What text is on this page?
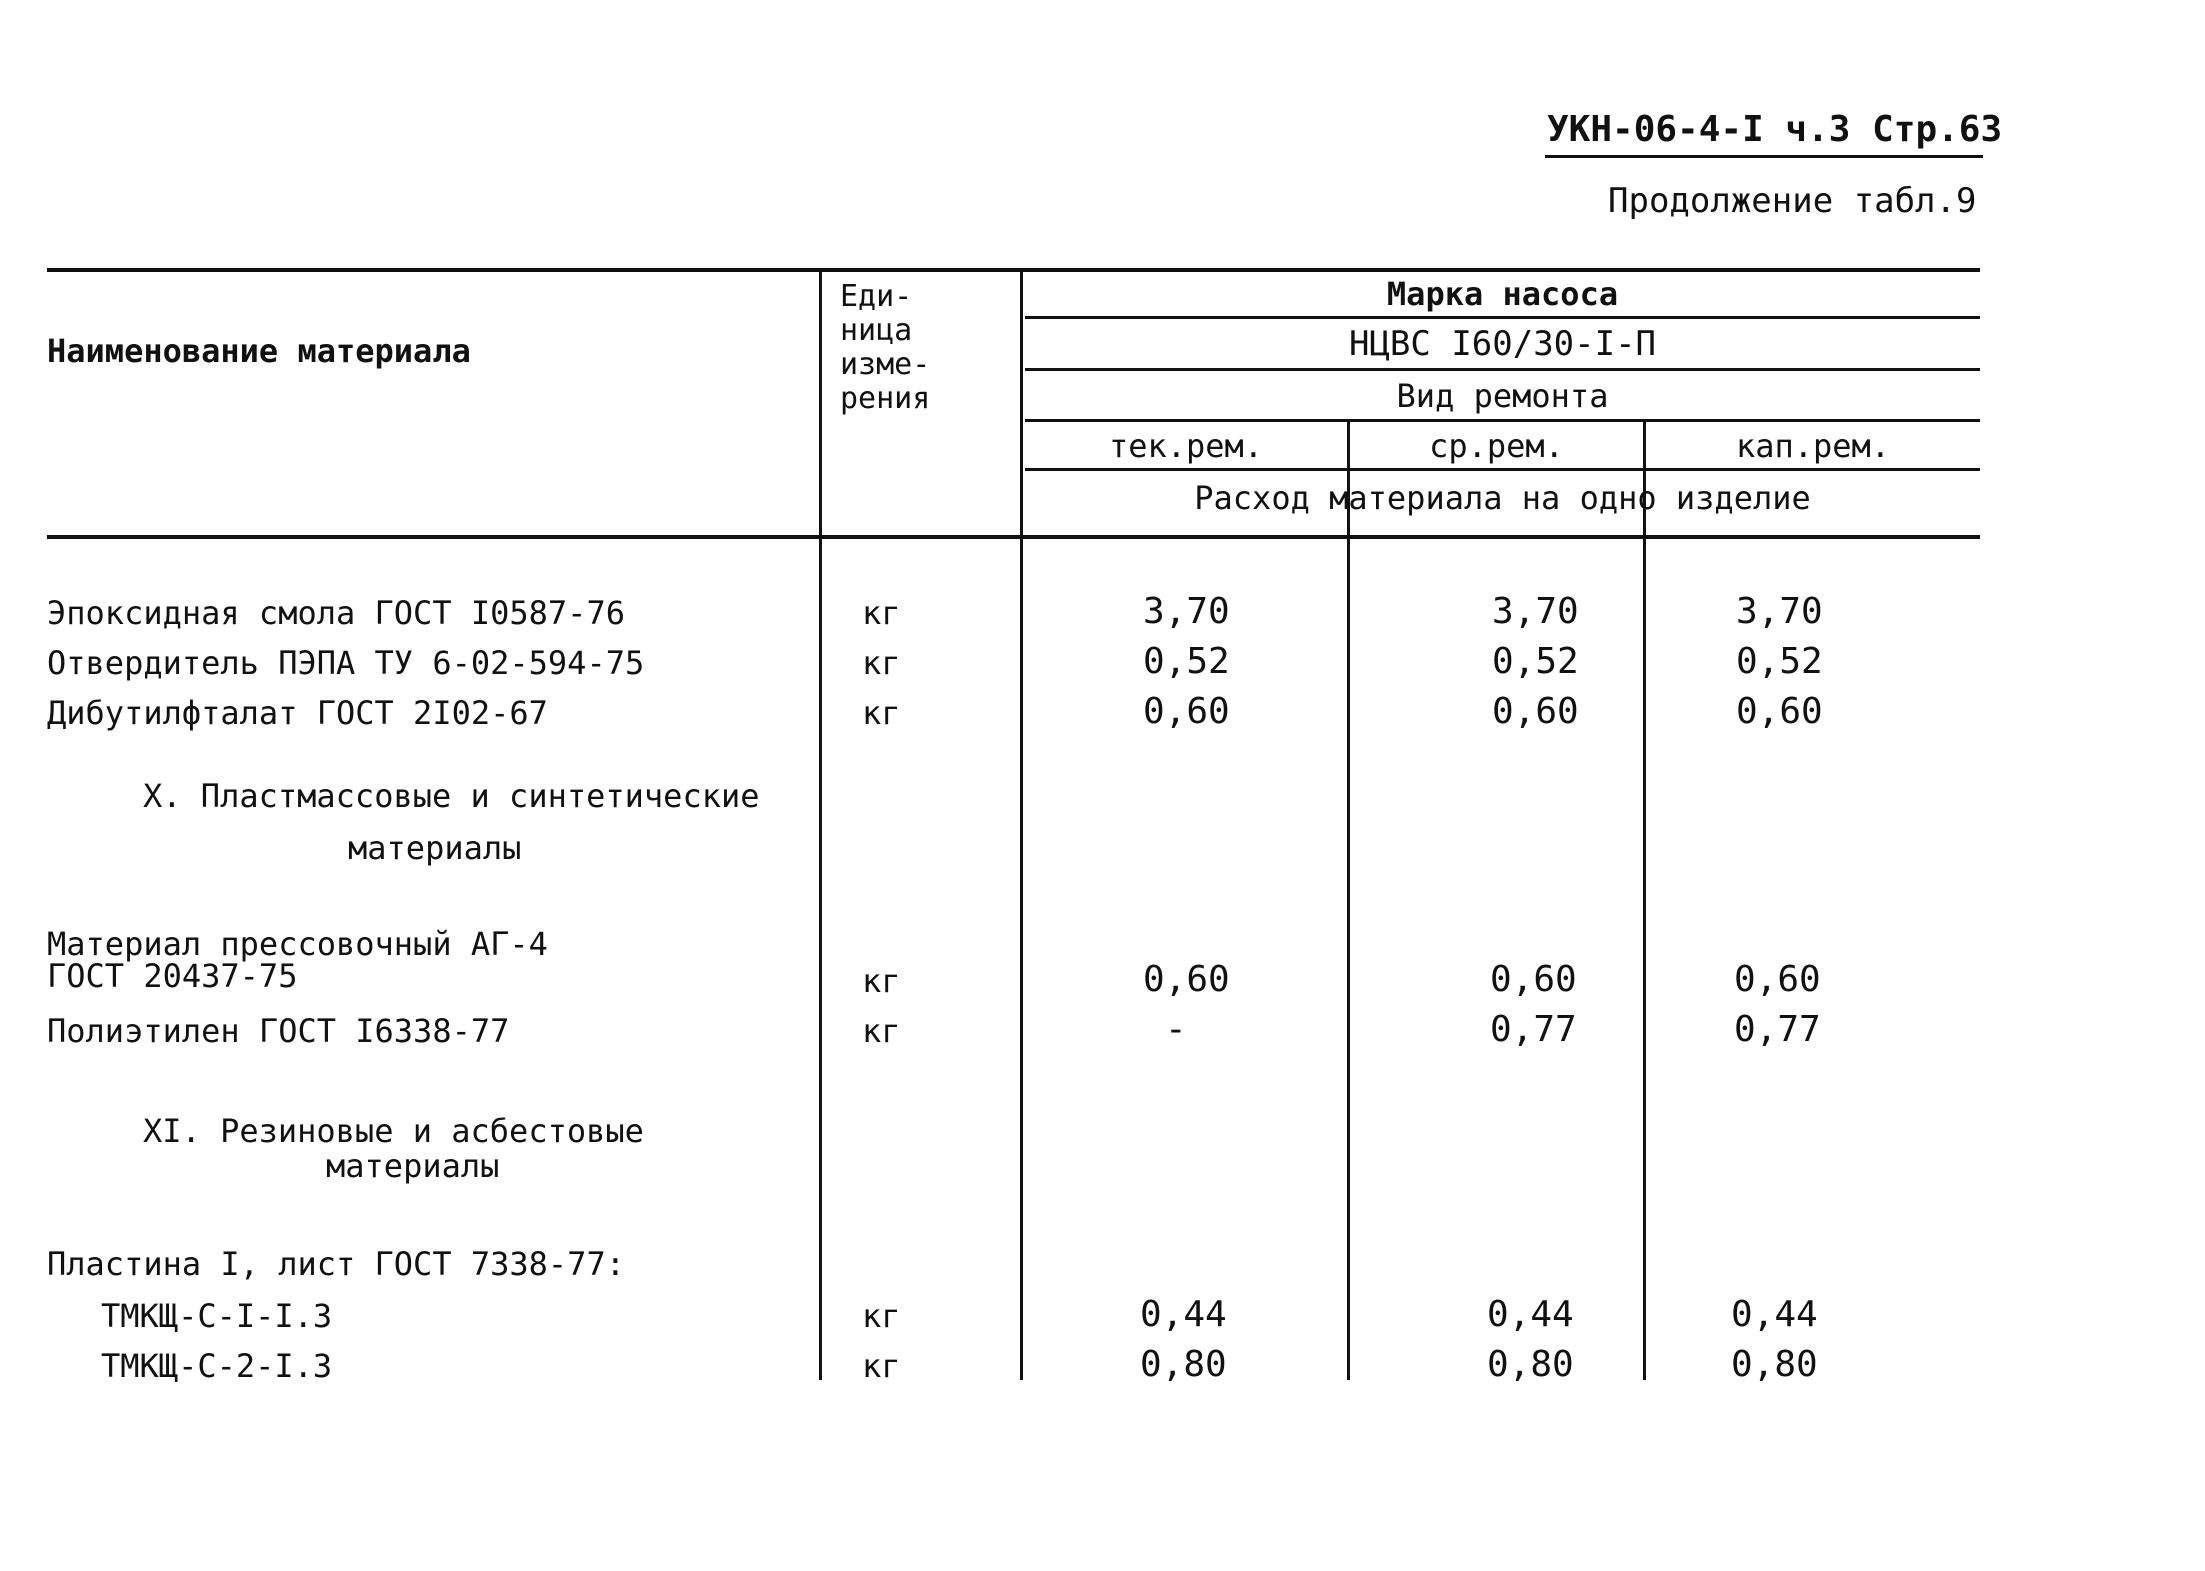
УКН-06-4-I ч.3 Стр.63
Продолжение табл.9
Наименование материала
Еди-
ница
изме-
рения
Марка насоса
НЦВС I60/30-I-П
Вид ремонта
тек.рем.	ср.рем.	кап.рем.
Расход материала на одно изделие
Эпоксидная смола ГОСТ I0587-76	кг	3,70	3,70	3,70
Отвердитель ПЭПА ТУ 6-02-594-75	кг	0,52	0,52	0,52
Дибутилфталат ГОСТ 2I02-67	кг	0,60	0,60	0,60
X. Пластмассовые и синтетические
материалы
Материал прессовочный АГ-4
ГОСТ 20437-75	кг	0,60	0,60	0,60
Полиэтилен ГОСТ I6338-77	кг	-	0,77	0,77
XI. Резиновые и асбестовые
материалы
Пластина I, лист ГОСТ 7338-77:
ТМКЩ-С-I-I.3	кг	0,44	0,44	0,44
ТМКЩ-С-2-I.3	кг	0,80	0,80	0,80
